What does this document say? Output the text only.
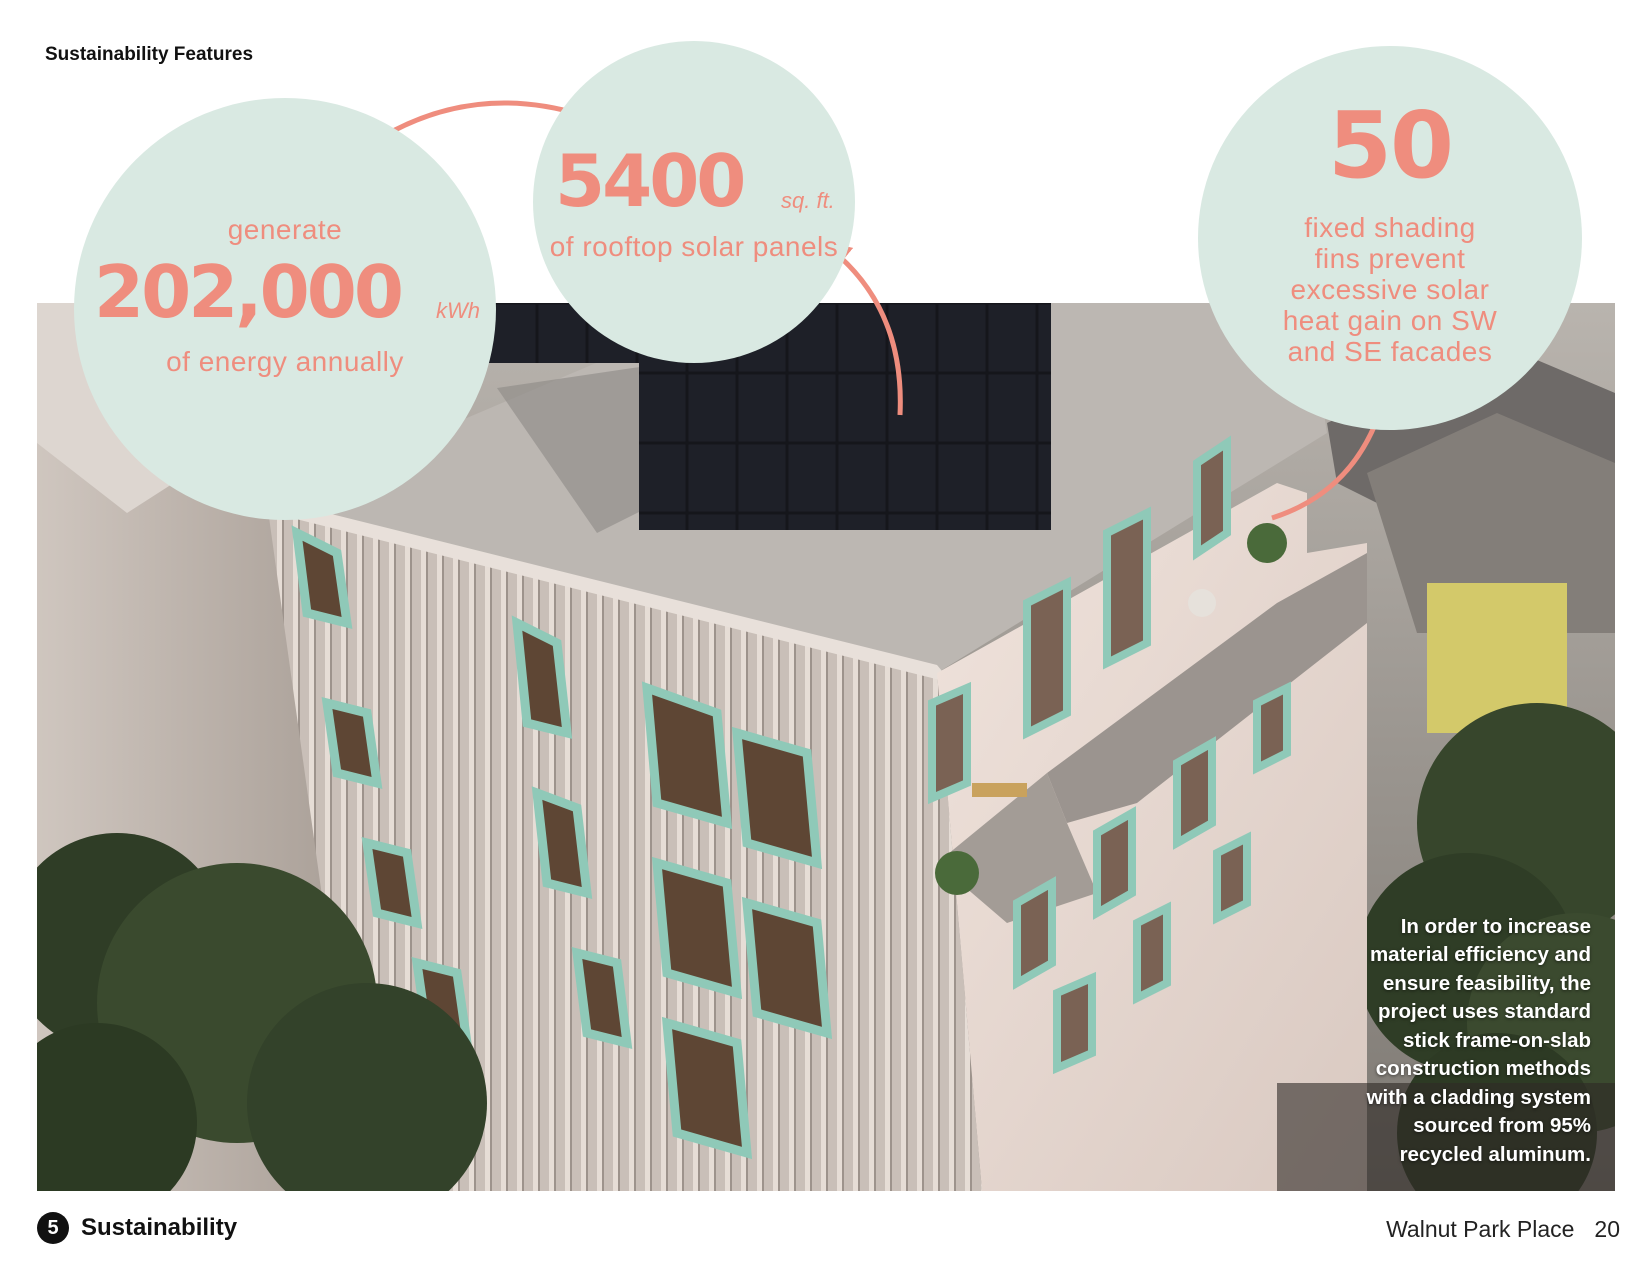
Sustainability Features
In order to increase
material efficiency and
ensure feasibility, the
project uses standard
stick frame-on-slab
construction methods
with a cladding system
sourced from 95%
recycled aluminum.
generate
202,000 kWh
of energy annually
5400 sq. ft.
of rooftop solar panels
50
fixed shading
fins prevent
excessive solar
heat gain on SW
and SE facades
5 Sustainability	Walnut Park Place 20
